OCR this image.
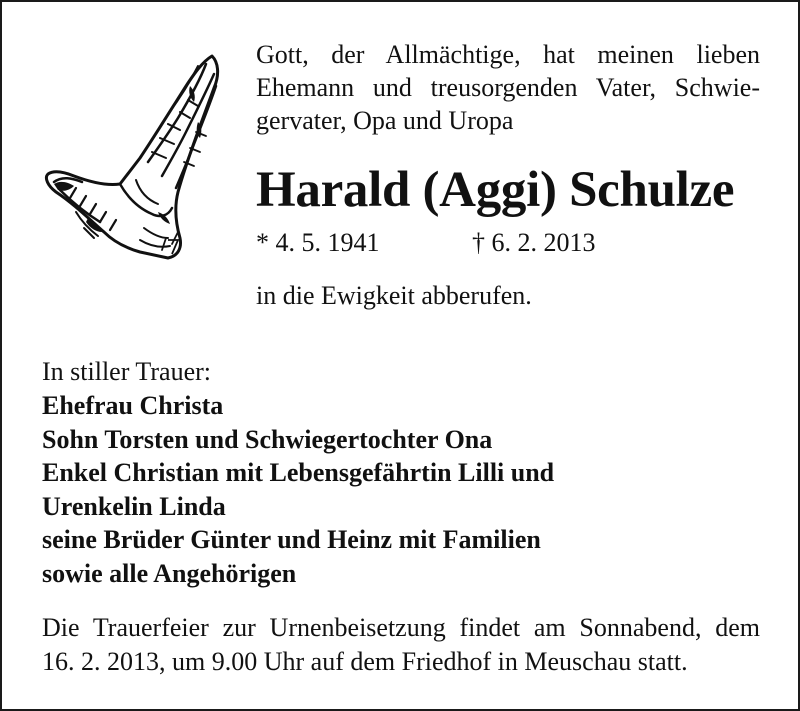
Gott, der Allmächtige, hat meinen lieben
Ehemann und treusorgenden Vater, Schwie-
gervater, Opa und Uropa
Harald (Aggi) Schulze
* 4. 5. 1941	† 6. 2. 2013
in die Ewigkeit abberufen.
In stiller Trauer:
Ehefrau Christa
Sohn Torsten und Schwiegertochter Ona
Enkel Christian mit Lebensgefährtin Lilli und
Urenkelin Linda
seine Brüder Günter und Heinz mit Familien
sowie alle Angehörigen
Die Trauerfeier zur Urnenbeisetzung findet am Sonnabend, dem
16. 2. 2013, um 9.00 Uhr auf dem Friedhof in Meuschau statt.
